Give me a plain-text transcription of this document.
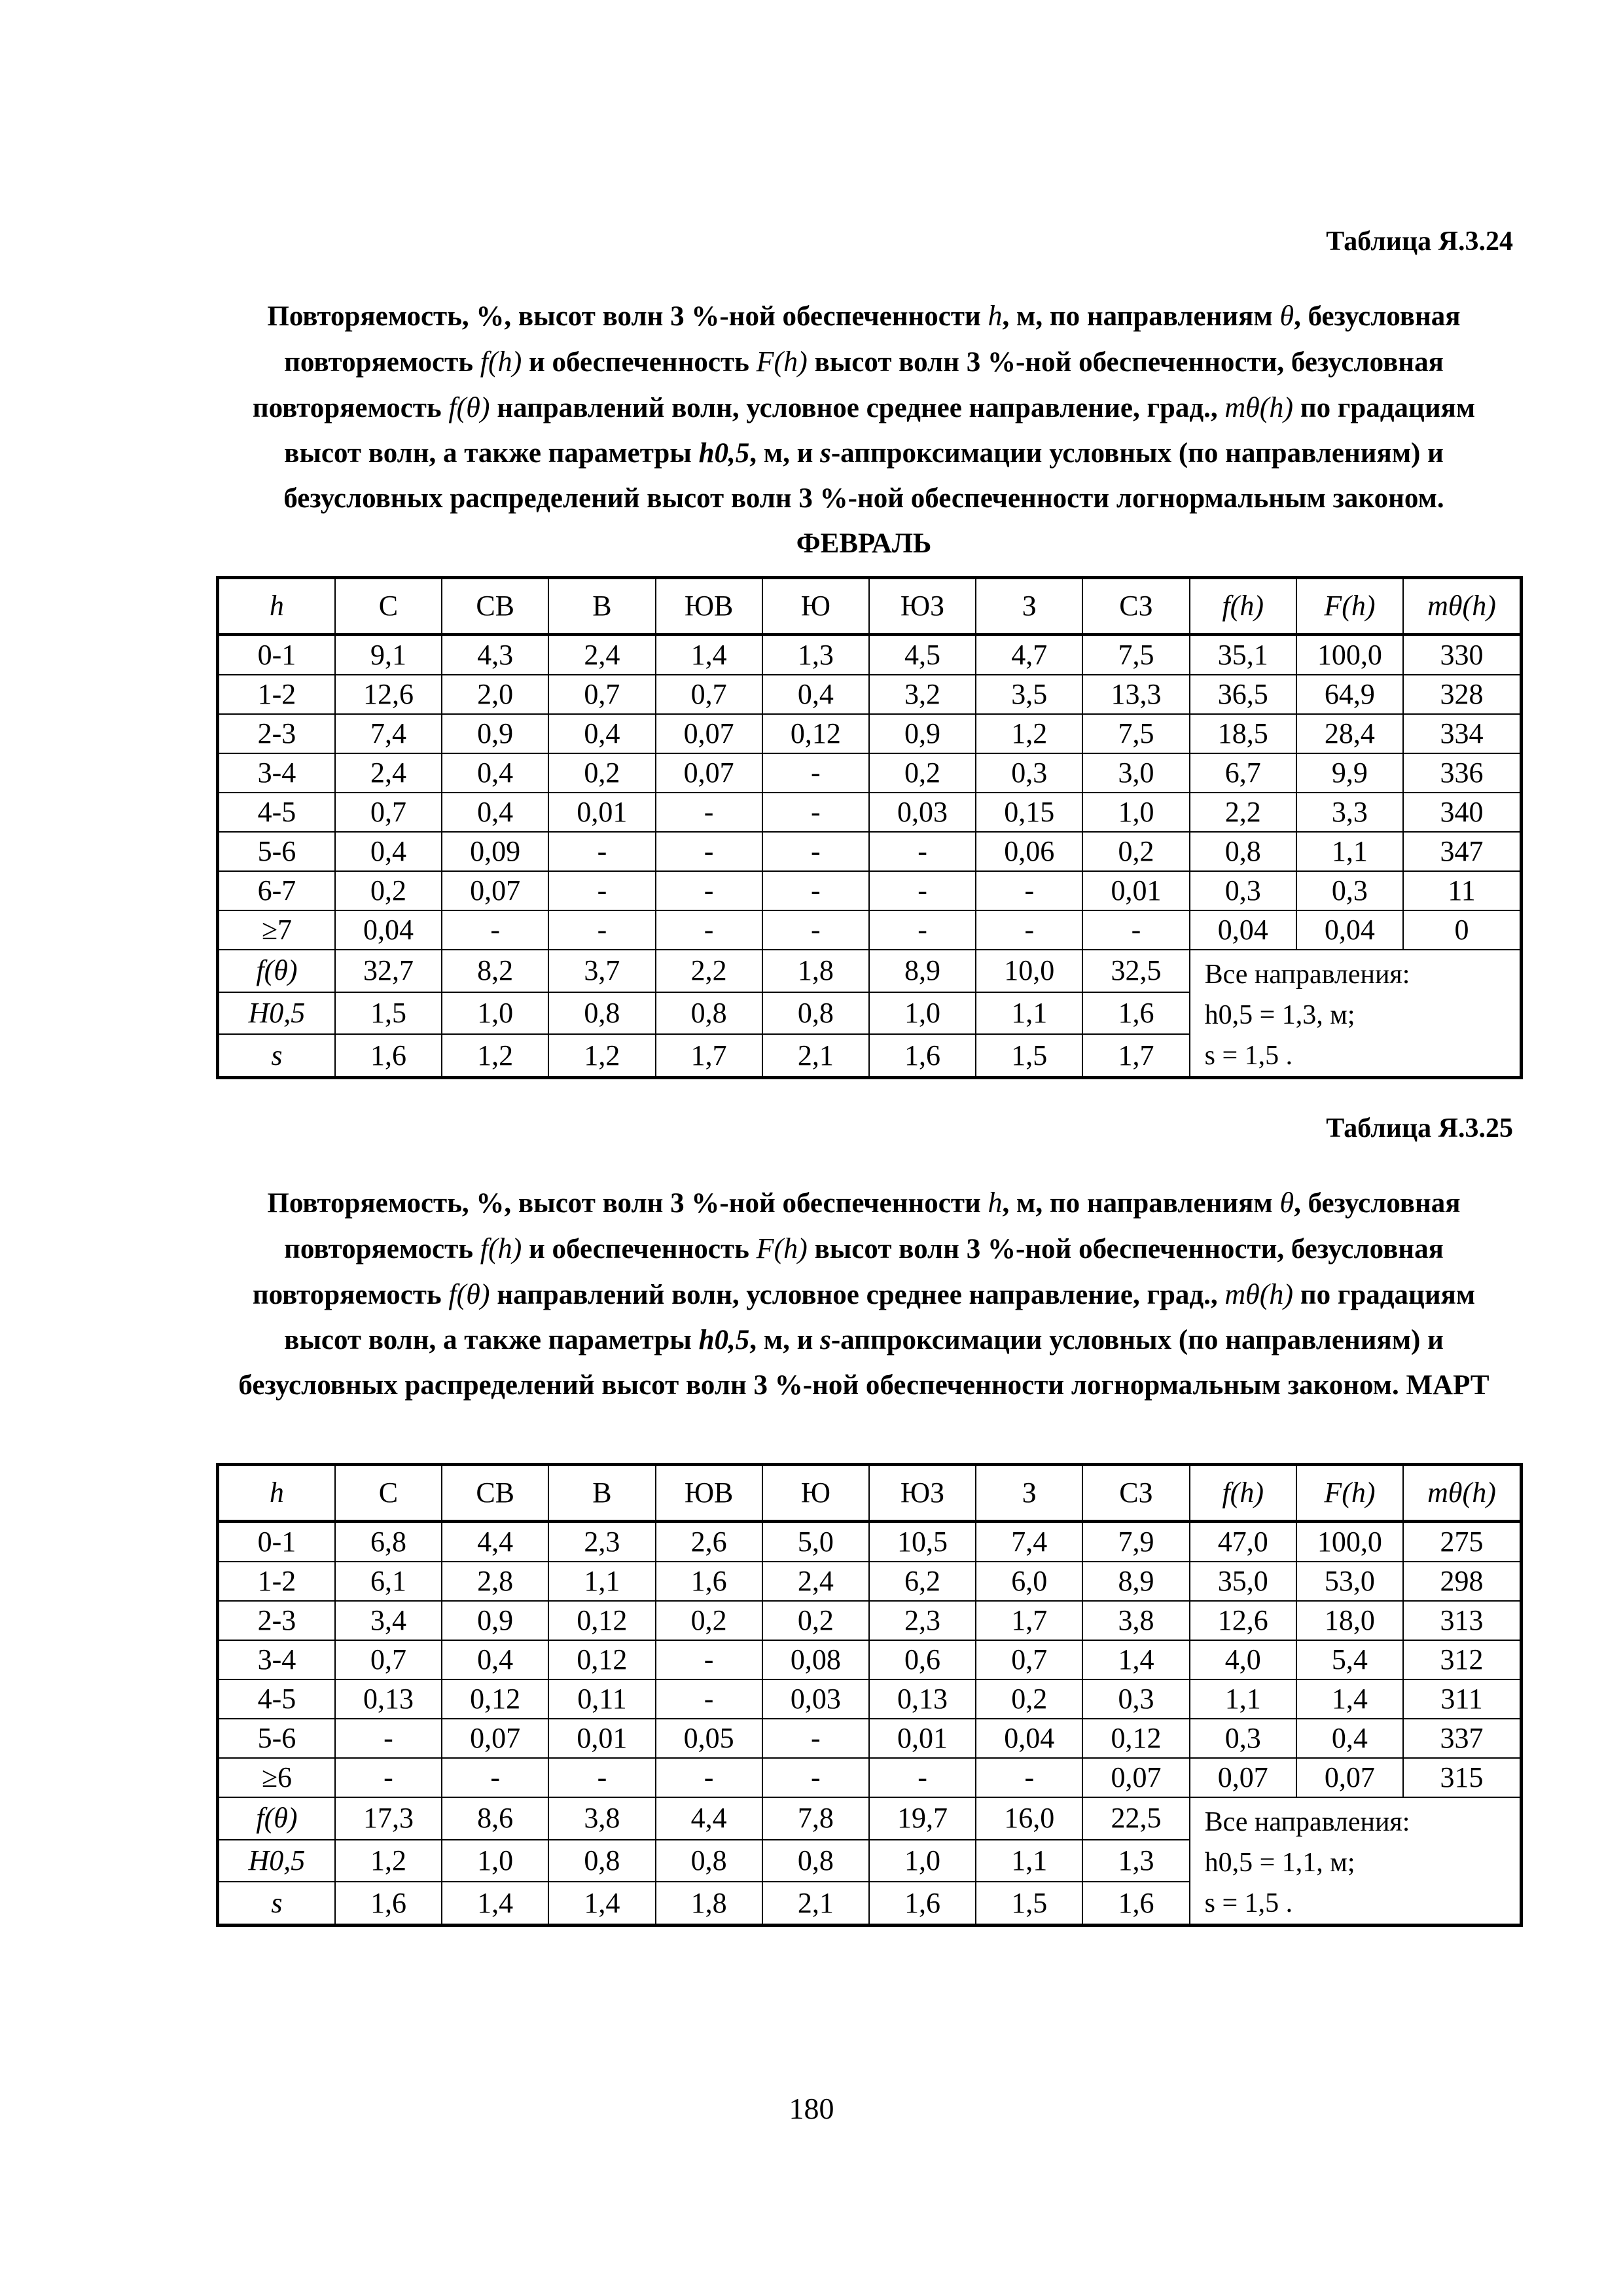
Таблица Я.3.24
Повторяемость, %, высот волн 3 %-ной обеспеченности h, м, по направлениям θ, безусловная повторяемость f(h) и обеспеченность F(h) высот волн 3 %-ной обеспеченности, безусловная повторяемость f(θ) направлений волн, условное среднее направление, град., mθ(h) по градациям высот волн, а также параметры h0,5, м, и s-аппроксимации условных (по направлениям) и безусловных распределений высот волн 3 %-ной обеспеченности логнормальным законом. ФЕВРАЛЬ
h	С	СВ	В	ЮВ	Ю	ЮЗ	З	СЗ	f(h)	F(h)	mθ(h)
0-1	9,1	4,3	2,4	1,4	1,3	4,5	4,7	7,5	35,1	100,0	330
1-2	12,6	2,0	0,7	0,7	0,4	3,2	3,5	13,3	36,5	64,9	328
2-3	7,4	0,9	0,4	0,07	0,12	0,9	1,2	7,5	18,5	28,4	334
3-4	2,4	0,4	0,2	0,07	-	0,2	0,3	3,0	6,7	9,9	336
4-5	0,7	0,4	0,01	-	-	0,03	0,15	1,0	2,2	3,3	340
5-6	0,4	0,09	-	-	-	-	0,06	0,2	0,8	1,1	347
6-7	0,2	0,07	-	-	-	-	-	0,01	0,3	0,3	11
≥7	0,04	-	-	-	-	-	-	-	0,04	0,04	0
f(θ)	32,7	8,2	3,7	2,2	1,8	8,9	10,0	32,5	Все направления:
h0,5 = 1,3, м;
s = 1,5 .		

H0,5	1,5	1,0	0,8	0,8	0,8	1,0	1,1	1,6			
s	1,6	1,2	1,2	1,7	2,1	1,6	1,5	1,7			
Таблица Я.3.25
Повторяемость, %, высот волн 3 %-ной обеспеченности h, м, по направлениям θ, безусловная повторяемость f(h) и обеспеченность F(h) высот волн 3 %-ной обеспеченности, безусловная повторяемость f(θ) направлений волн, условное среднее направление, град., mθ(h) по градациям высот волн, а также параметры h0,5, м, и s-аппроксимации условных (по направлениям) и безусловных распределений высот волн 3 %-ной обеспеченности логнормальным законом. МАРТ
h	С	СВ	В	ЮВ	Ю	ЮЗ	З	СЗ	f(h)	F(h)	mθ(h)
0-1	6,8	4,4	2,3	2,6	5,0	10,5	7,4	7,9	47,0	100,0	275
1-2	6,1	2,8	1,1	1,6	2,4	6,2	6,0	8,9	35,0	53,0	298
2-3	3,4	0,9	0,12	0,2	0,2	2,3	1,7	3,8	12,6	18,0	313
3-4	0,7	0,4	0,12	-	0,08	0,6	0,7	1,4	4,0	5,4	312
4-5	0,13	0,12	0,11	-	0,03	0,13	0,2	0,3	1,1	1,4	311
5-6	-	0,07	0,01	0,05	-	0,01	0,04	0,12	0,3	0,4	337
≥6	-	-	-	-	-	-	-	0,07	0,07	0,07	315
f(θ)	17,3	8,6	3,8	4,4	7,8	19,7	16,0	22,5	Все направления:
h0,5 = 1,1, м;
s = 1,5 .		

H0,5	1,2	1,0	0,8	0,8	0,8	1,0	1,1	1,3			
s	1,6	1,4	1,4	1,8	2,1	1,6	1,5	1,6			
180
